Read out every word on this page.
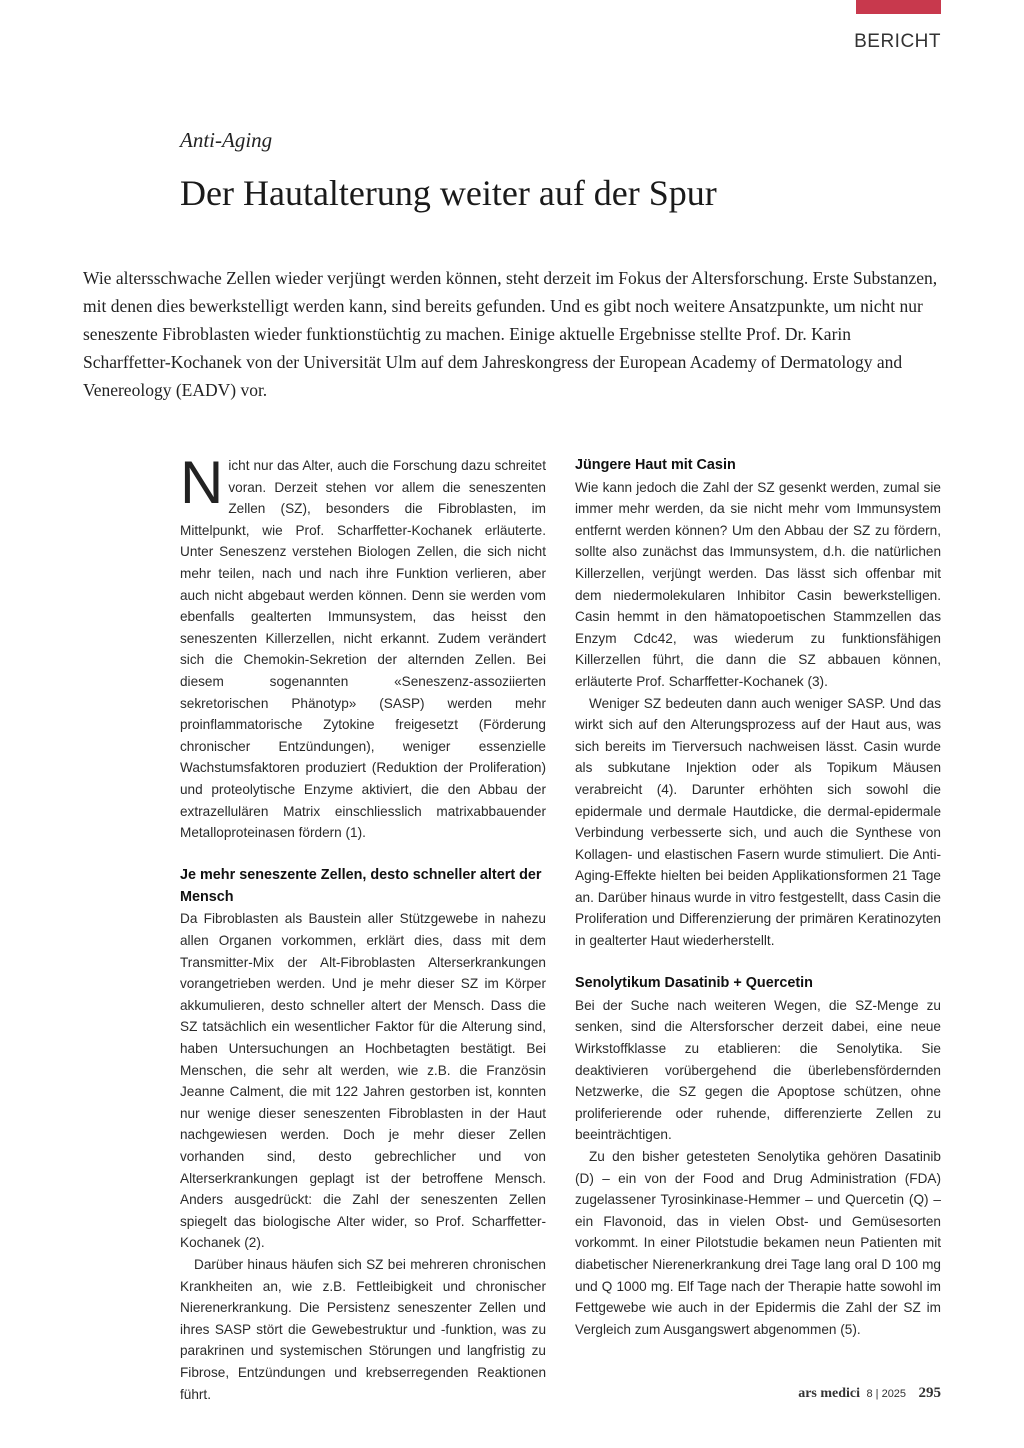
BERICHT
Anti-Aging
Der Hautalterung weiter auf der Spur

Wie altersschwache Zellen wieder verjüngt werden können, steht derzeit im Fokus der Altersforschung. Erste Substanzen, mit denen dies bewerkstelligt werden kann, sind bereits gefunden. Und es gibt noch weitere Ansatzpunkte, um nicht nur seneszente Fibroblasten wieder funktionstüchtig zu machen. Einige aktuelle Ergebnisse stellte Prof. Dr. Karin Scharffetter-Kochanek von der Universität Ulm auf dem Jahreskongress der European Academy of Dermatology and Venereology (EADV) vor.

Nicht nur das Alter, auch die Forschung dazu schreitet voran. Derzeit stehen vor allem die seneszenten Zellen (SZ), besonders die Fibroblasten, im Mittelpunkt, wie Prof. Scharffetter-Kochanek erläuterte. Unter Seneszenz verstehen Biologen Zellen, die sich nicht mehr teilen, nach und nach ihre Funktion verlieren, aber auch nicht abgebaut werden können. Denn sie werden vom ebenfalls gealterten Immunsystem, das heisst den seneszenten Killerzellen, nicht erkannt. Zudem verändert sich die Chemokin-Sekretion der alternden Zellen. Bei diesem sogenannten «Seneszenz-assoziierten sekretorischen Phänotyp» (SASP) werden mehr proinflammatorische Zytokine freigesetzt (Förderung chronischer Entzündungen), weniger essenzielle Wachstumsfaktoren produziert (Reduktion der Proliferation) und proteolytische Enzyme aktiviert, die den Abbau der extrazellulären Matrix einschliesslich matrixabbauender Metalloproteinasen fördern (1).

Je mehr seneszente Zellen, desto schneller altert der Mensch

Da Fibroblasten als Baustein aller Stützgewebe in nahezu allen Organen vorkommen, erklärt dies, dass mit dem Transmitter-Mix der Alt-Fibroblasten Alterserkrankungen vorangetrieben werden. Und je mehr dieser SZ im Körper akkumulieren, desto schneller altert der Mensch. Dass die SZ tatsächlich ein wesentlicher Faktor für die Alterung sind, haben Untersuchungen an Hochbetagten bestätigt. Bei Menschen, die sehr alt werden, wie z.B. die Französin Jeanne Calment, die mit 122 Jahren gestorben ist, konnten nur wenige dieser seneszenten Fibroblasten in der Haut nachgewiesen werden. Doch je mehr dieser Zellen vorhanden sind, desto gebrechlicher und von Alterserkrankungen geplagt ist der betroffene Mensch. Anders ausgedrückt: die Zahl der seneszenten Zellen spiegelt das biologische Alter wider, so Prof. Scharffetter-Kochanek (2).

Darüber hinaus häufen sich SZ bei mehreren chronischen Krankheiten an, wie z.B. Fettleibigkeit und chronischer Nierenerkrankung. Die Persistenz seneszenter Zellen und ihres SASP stört die Gewebestruktur und -funktion, was zu parakrinen und systemischen Störungen und langfristig zu Fibrose, Entzündungen und krebserregenden Reaktionen führt.

Jüngere Haut mit Casin

Wie kann jedoch die Zahl der SZ gesenkt werden, zumal sie immer mehr werden, da sie nicht mehr vom Immunsystem entfernt werden können? Um den Abbau der SZ zu fördern, sollte also zunächst das Immunsystem, d.h. die natürlichen Killerzellen, verjüngt werden. Das lässt sich offenbar mit dem niedermolekularen Inhibitor Casin bewerkstelligen. Casin hemmt in den hämatopoetischen Stammzellen das Enzym Cdc42, was wiederum zu funktionsfähigen Killerzellen führt, die dann die SZ abbauen können, erläuterte Prof. Scharffetter-Kochanek (3).

Weniger SZ bedeuten dann auch weniger SASP. Und das wirkt sich auf den Alterungsprozess auf der Haut aus, was sich bereits im Tierversuch nachweisen lässt. Casin wurde als subkutane Injektion oder als Topikum Mäusen verabreicht (4). Darunter erhöhten sich sowohl die epidermale und dermale Hautdicke, die dermal-epidermale Verbindung verbesserte sich, und auch die Synthese von Kollagen- und elastischen Fasern wurde stimuliert. Die Anti-Aging-Effekte hielten bei beiden Applikationsformen 21 Tage an. Darüber hinaus wurde in vitro festgestellt, dass Casin die Proliferation und Differenzierung der primären Keratinozyten in gealterter Haut wiederherstellt.

Senolytikum Dasatinib + Quercetin

Bei der Suche nach weiteren Wegen, die SZ-Menge zu senken, sind die Altersforscher derzeit dabei, eine neue Wirkstoffklasse zu etablieren: die Senolytika. Sie deaktivieren vorübergehend die überlebensfördernden Netzwerke, die SZ gegen die Apoptose schützen, ohne proliferierende oder ruhende, differenzierte Zellen zu beeinträchtigen.

Zu den bisher getesteten Senolytika gehören Dasatinib (D) – ein von der Food and Drug Administration (FDA) zugelassener Tyrosinkinase-Hemmer – und Quercetin (Q) – ein Flavonoid, das in vielen Obst- und Gemüsesorten vorkommt. In einer Pilotstudie bekamen neun Patienten mit diabetischer Nierenerkrankung drei Tage lang oral D 100 mg und Q 1000 mg. Elf Tage nach der Therapie hatte sowohl im Fettgewebe wie auch in der Epidermis die Zahl der SZ im Vergleich zum Ausgangswert abgenommen (5).

ars medici 8 | 2025 295
